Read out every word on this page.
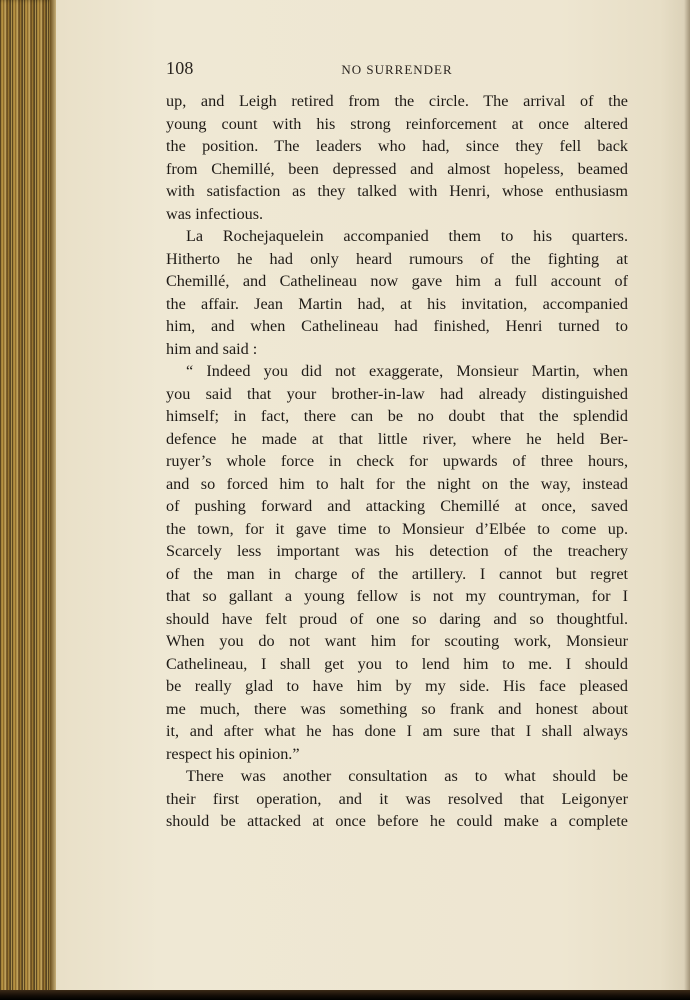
108	NO SURRENDER
up, and Leigh retired from the circle. The arrival of the
young count with his strong reinforcement at once altered
the position. The leaders who had, since they fell back
from Chemillé, been depressed and almost hopeless, beamed
with satisfaction as they talked with Henri, whose enthusiasm
was infectious.
La Rochejaquelein accompanied them to his quarters.
Hitherto he had only heard rumours of the fighting at
Chemillé, and Cathelineau now gave him a full account of
the affair. Jean Martin had, at his invitation, accompanied
him, and when Cathelineau had finished, Henri turned to
him and said :
“ Indeed you did not exaggerate, Monsieur Martin, when
you said that your brother-in-law had already distinguished
himself; in fact, there can be no doubt that the splendid
defence he made at that little river, where he held Ber-
ruyer’s whole force in check for upwards of three hours,
and so forced him to halt for the night on the way, instead
of pushing forward and attacking Chemillé at once, saved
the town, for it gave time to Monsieur d’Elbée to come up.
Scarcely less important was his detection of the treachery
of the man in charge of the artillery. I cannot but regret
that so gallant a young fellow is not my countryman, for I
should have felt proud of one so daring and so thoughtful.
When you do not want him for scouting work, Monsieur
Cathelineau, I shall get you to lend him to me. I should
be really glad to have him by my side. His face pleased
me much, there was something so frank and honest about
it, and after what he has done I am sure that I shall always
respect his opinion.”
There was another consultation as to what should be
their first operation, and it was resolved that Leigonyer
should be attacked at once before he could make a complete
